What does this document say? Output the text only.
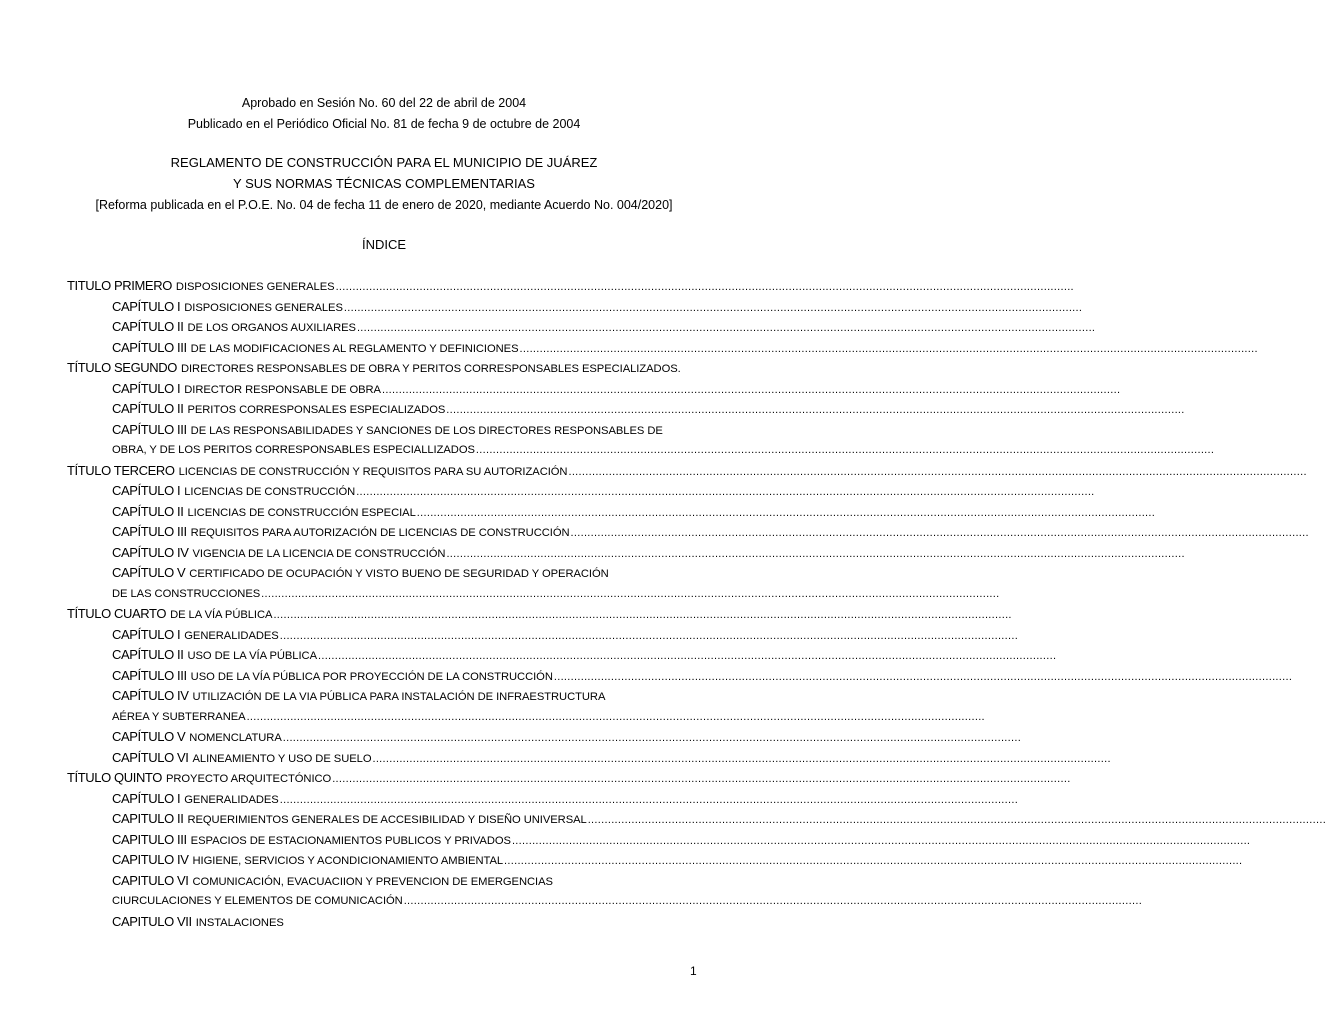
Aprobado en Sesión No. 60 del 22 de abril de 2004
Publicado en el Periódico Oficial No. 81 de fecha 9 de octubre de 2004
REGLAMENTO DE CONSTRUCCIÓN PARA EL MUNICIPIO DE JUÁREZ
Y SUS NORMAS TÉCNICAS COMPLEMENTARIAS
[Reforma publicada en el P.O.E. No. 04 de fecha 11 de enero de 2020, mediante Acuerdo No. 004/2020]
ÍNDICE
TITULO PRIMERO DISPOSICIONES GENERALES ............................................................................................................................................................................................................................
CAPÍTULO I DISPOSICIONES GENERALES ............................................................................................................................................................................................................................
CAPÍTULO II DE LOS ORGANOS AUXILIARES ............................................................................................................................................................................................................................
CAPÍTULO III DE LAS MODIFICACIONES AL REGLAMENTO Y DEFINICIONES ............................................................................................................................................................................................................................
TÍTULO SEGUNDO DIRECTORES RESPONSABLES DE OBRA Y PERITOS CORRESPONSABLES ESPECIALIZADOS.
CAPÍTULO I DIRECTOR RESPONSABLE DE OBRA ............................................................................................................................................................................................................................
CAPÍTULO II PERITOS CORRESPONSALES ESPECIALIZADOS ............................................................................................................................................................................................................................
CAPÍTULO III DE LAS RESPONSABILIDADES Y SANCIONES DE LOS DIRECTORES RESPONSABLES DE
OBRA, Y DE LOS PERITOS CORRESPONSABLES ESPECIALLIZADOS ............................................................................................................................................................................................................................
TÍTULO TERCERO LICENCIAS DE CONSTRUCCIÓN Y REQUISITOS PARA SU AUTORIZACIÓN ............................................................................................................................................................................................................................
CAPÍTULO I LICENCIAS DE CONSTRUCCIÓN ............................................................................................................................................................................................................................
CAPÍTULO II LICENCIAS DE CONSTRUCCIÓN ESPECIAL ............................................................................................................................................................................................................................
CAPÍTULO III REQUISITOS PARA AUTORIZACIÓN DE LICENCIAS DE CONSTRUCCIÓN ............................................................................................................................................................................................................................
CAPÍTULO IV VIGENCIA DE LA LICENCIA DE CONSTRUCCIÓN ............................................................................................................................................................................................................................
CAPÍTULO V CERTIFICADO DE OCUPACIÓN Y VISTO BUENO DE SEGURIDAD Y OPERACIÓN
DE LAS CONSTRUCCIONES ............................................................................................................................................................................................................................
TÍTULO CUARTO DE LA VÍA PÚBLICA ............................................................................................................................................................................................................................
CAPÍTULO I GENERALIDADES ............................................................................................................................................................................................................................
CAPÍTULO II USO DE LA VÍA PÚBLICA ............................................................................................................................................................................................................................
CAPÍTULO III USO DE LA VÍA PÚBLICA POR PROYECCIÓN DE LA CONSTRUCCIÓN ............................................................................................................................................................................................................................
CAPÍTULO IV UTILIZACIÓN DE LA VIA PÚBLICA PARA INSTALACIÓN DE INFRAESTRUCTURA
AÉREA Y SUBTERRANEA ............................................................................................................................................................................................................................
CAPÍTULO V NOMENCLATURA ............................................................................................................................................................................................................................
CAPÍTULO VI ALINEAMIENTO Y USO DE SUELO ............................................................................................................................................................................................................................
TÍTULO QUINTO PROYECTO ARQUITECTÓNICO ............................................................................................................................................................................................................................
CAPÍTULO I GENERALIDADES ............................................................................................................................................................................................................................
CAPITULO II REQUERIMIENTOS GENERALES DE ACCESIBILIDAD Y DISEÑO UNIVERSAL ............................................................................................................................................................................................................................
CAPITULO III ESPACIOS DE ESTACIONAMIENTOS PUBLICOS Y PRIVADOS ............................................................................................................................................................................................................................
CAPITULO IV HIGIENE, SERVICIOS Y ACONDICIONAMIENTO AMBIENTAL ............................................................................................................................................................................................................................
CAPITULO VI COMUNICACIÓN, EVACUACIION Y PREVENCION DE EMERGENCIAS
CIURCULACIONES Y ELEMENTOS DE COMUNICACIÓN ............................................................................................................................................................................................................................
CAPITULO VII INSTALACIONES
1
